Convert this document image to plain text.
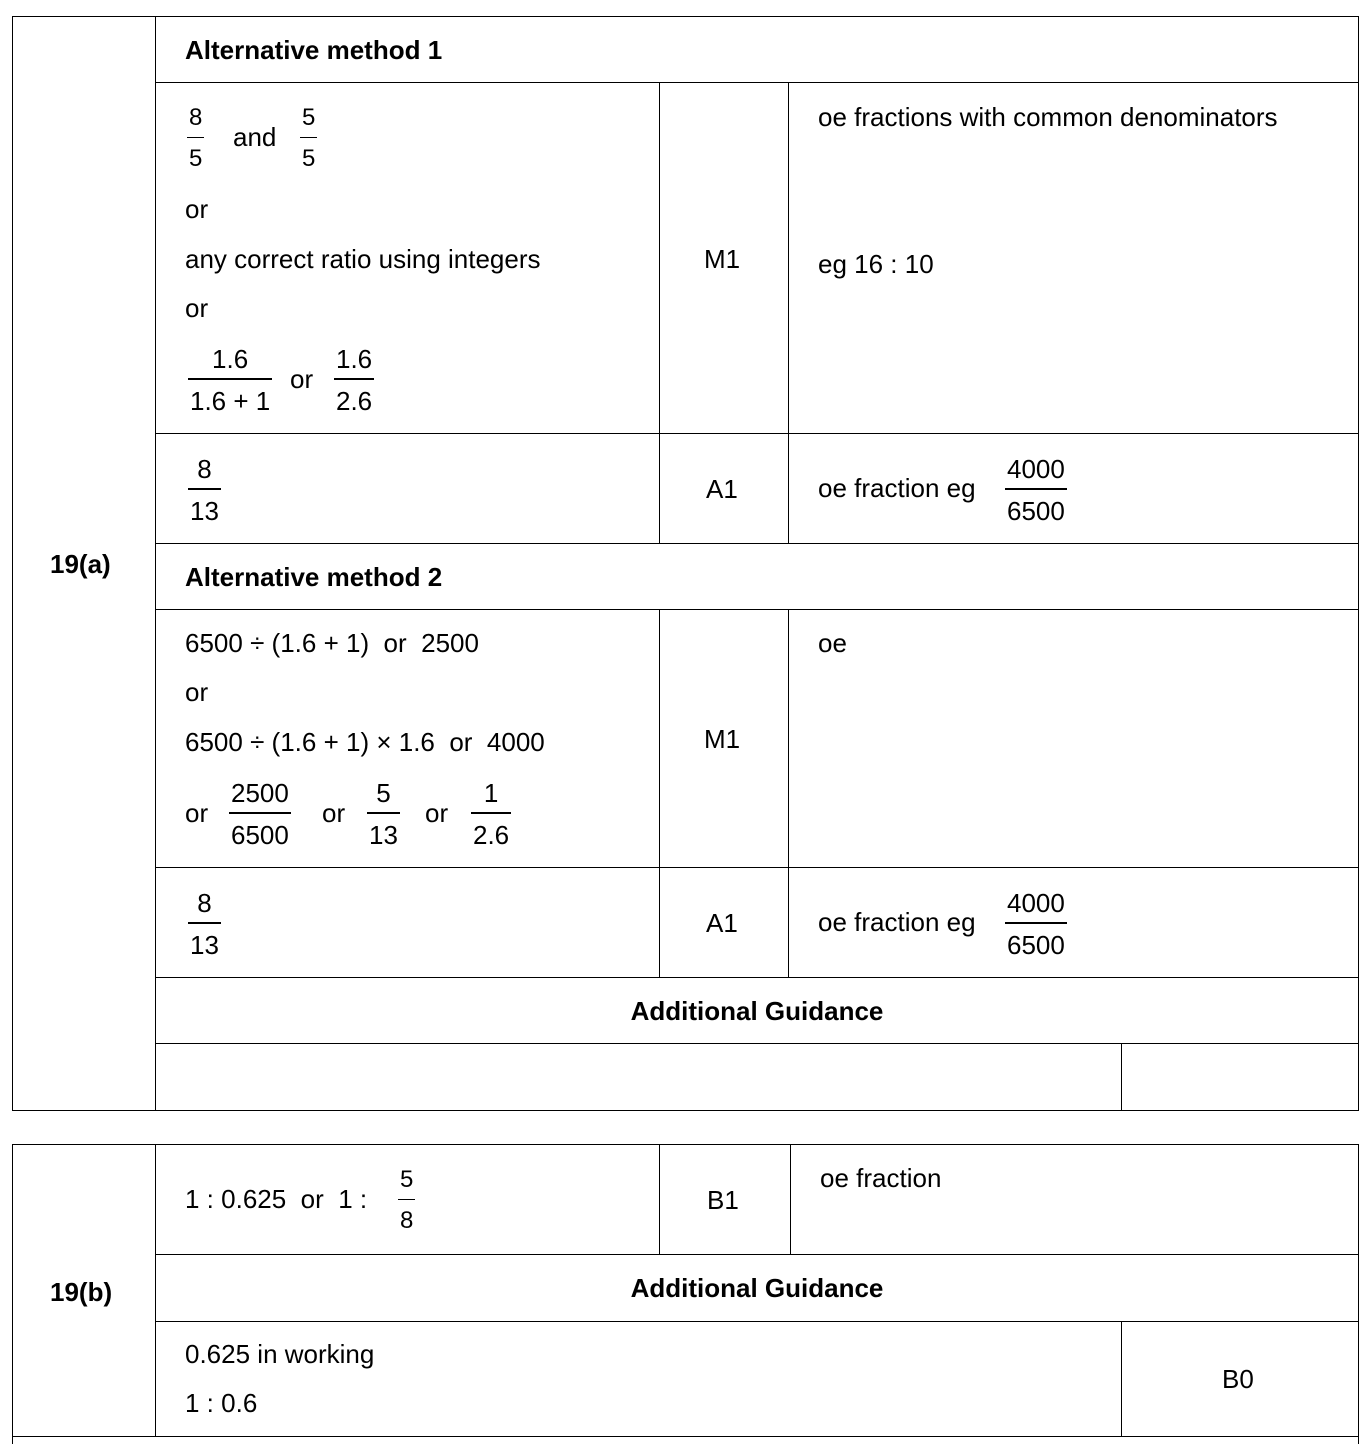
19(a)
Alternative method 1
8
5
and
5
5
or
any correct ratio using integers
or
1.6
1.6 + 1
or
1.6
2.6
M1
oe fractions with common denominators
eg 16 : 10
8
13
A1	oe fraction eg
4000
6500
Alternative method 2
6500 ÷ (1.6 + 1)  or  2500
or
6500 ÷ (1.6 + 1) × 1.6  or  4000
or
2500
6500
or
5
13
or
1
2.6
M1
oe
8
13
A1	oe fraction eg
4000
6500
Additional Guidance
19(b)
1 : 0.625  or  1 :
5
8
B1
oe fraction
Additional Guidance
0.625 in working
1 : 0.6
B0
